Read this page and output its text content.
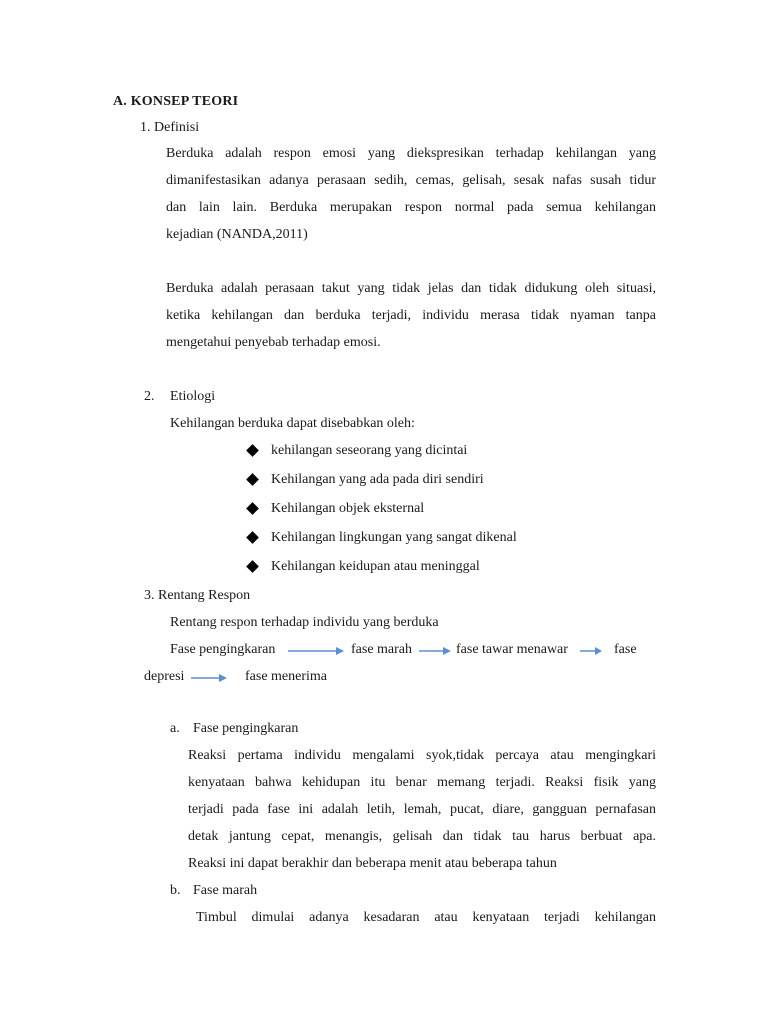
A. KONSEP TEORI
1. Definisi
Berduka adalah respon emosi yang diekspresikan terhadap kehilangan yang
dimanifestasikan adanya perasaan sedih, cemas, gelisah, sesak nafas susah tidur
dan lain lain. Berduka merupakan respon normal pada semua kehilangan
kejadian (NANDA,2011)
Berduka adalah perasaan takut yang tidak jelas dan tidak didukung oleh situasi,
ketika kehilangan dan berduka terjadi, individu merasa tidak nyaman tanpa
mengetahui penyebab terhadap emosi.
2. Etiologi
Kehilangan berduka dapat disebabkan oleh:
kehilangan seseorang yang dicintai
Kehilangan yang ada pada diri sendiri
Kehilangan objek eksternal
Kehilangan lingkungan yang sangat dikenal
Kehilangan keidupan atau meninggal
3. Rentang Respon
Rentang respon terhadap individu yang berduka
Fase pengingkaran	fase marah	fase tawar menawar	fase
depresi	fase menerima
a. Fase pengingkaran
Reaksi pertama individu mengalami syok,tidak percaya atau mengingkari
kenyataan bahwa kehidupan itu benar memang terjadi. Reaksi fisik yang
terjadi pada fase ini adalah letih, lemah, pucat, diare, gangguan pernafasan
detak jantung cepat, menangis, gelisah dan tidak tau harus berbuat apa.
Reaksi ini dapat berakhir dan beberapa menit atau beberapa tahun
b. Fase marah
Timbul dimulai adanya kesadaran atau kenyataan terjadi kehilangan
